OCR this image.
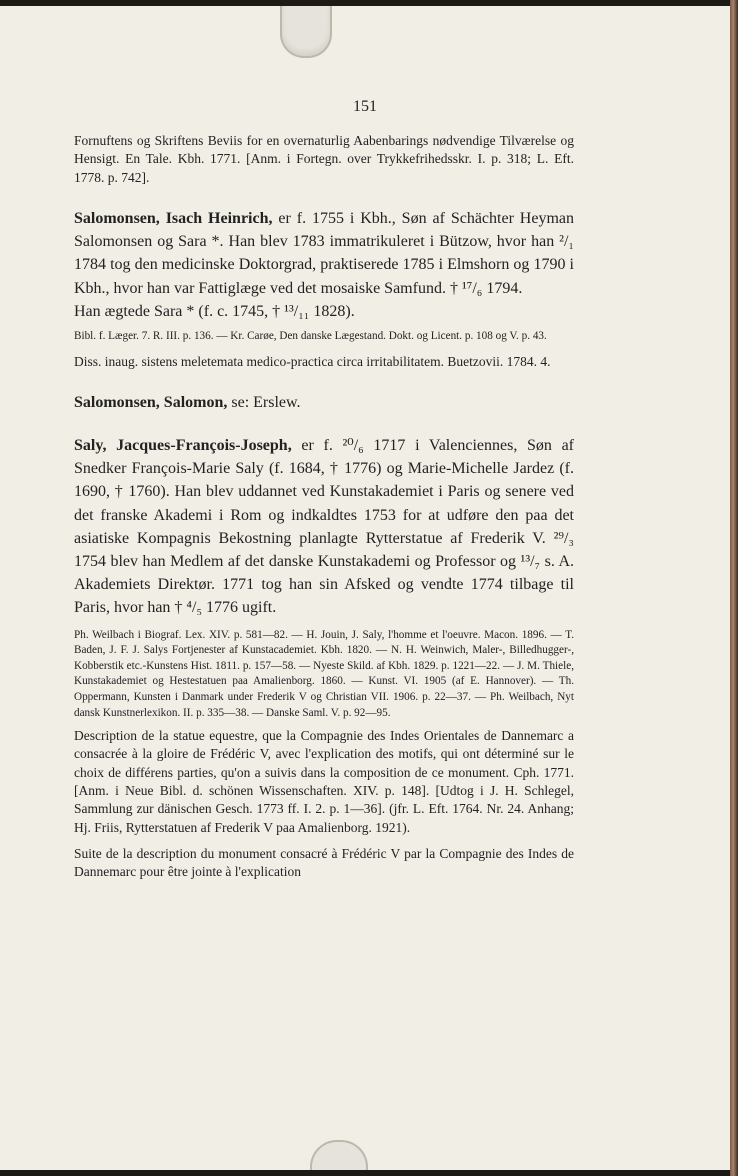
151

Fornuftens og Skriftens Beviis for en overnaturlig Aabenbarings nødvendige Tilværelse og Hensigt. En Tale. Kbh. 1771. [Anm. i Fortegn. over Trykkefrihedsskr. I. p. 318; L. Eft. 1778. p. 742].

Salomonsen, Isach Heinrich, er f. 1755 i Kbh., Søn af Schächter Heyman Salomonsen og Sara *. Han blev 1783 immatrikuleret i Bützow, hvor han ²/₁ 1784 tog den medicinske Doktorgrad, praktiserede 1785 i Elmshorn og 1790 i Kbh., hvor han var Fattiglæge ved det mosaiske Samfund. † ¹⁷/₆ 1794.

Han ægtede Sara * (f. c. 1745, † ¹³/₁₁ 1828).

Bibl. f. Læger. 7. R. III. p. 136. — Kr. Carøe, Den danske Lægestand. Dokt. og Licent. p. 108 og V. p. 43.

Diss. inaug. sistens meletemata medico-practica circa irritabilitatem. Buetzovii. 1784. 4.

Salomonsen, Salomon, se: Erslew.

Saly, Jacques-François-Joseph, er f. ²⁰/₆ 1717 i Valenciennes, Søn af Snedker François-Marie Saly (f. 1684, † 1776) og Marie-Michelle Jardez (f. 1690, † 1760). Han blev uddannet ved Kunstakademiet i Paris og senere ved det franske Akademi i Rom og indkaldtes 1753 for at udføre den paa det asiatiske Kompagnis Bekostning planlagte Rytterstatue af Frederik V. ²⁹/₃ 1754 blev han Medlem af det danske Kunstakademi og Professor og ¹³/₇ s. A. Akademiets Direktør. 1771 tog han sin Afsked og vendte 1774 tilbage til Paris, hvor han † ⁴/₅ 1776 ugift.

Ph. Weilbach i Biograf. Lex. XIV. p. 581—82. — H. Jouin, J. Saly, l'homme et l'oeuvre. Macon. 1896. — T. Baden, J. F. J. Salys Fortjenester af Kunstacademiet. Kbh. 1820. — N. H. Weinwich, Maler-, Billedhugger-, Kobberstik etc.-Kunstens Hist. 1811. p. 157—58. — Nyeste Skild. af Kbh. 1829. p. 1221—22. — J. M. Thiele, Kunstakademiet og Hestestatuen paa Amalienborg. 1860. — Kunst. VI. 1905 (af E. Hannover). — Th. Oppermann, Kunsten i Danmark under Frederik V og Christian VII. 1906. p. 22—37. — Ph. Weilbach, Nyt dansk Kunstnerlexikon. II. p. 335—38. — Danske Saml. V. p. 92—95.

Description de la statue equestre, que la Compagnie des Indes Orientales de Dannemarc a consacrée à la gloire de Frédéric V, avec l'explication des motifs, qui ont déterminé sur le choix de différens parties, qu'on a suivis dans la composition de ce monument. Cph. 1771. [Anm. i Neue Bibl. d. schönen Wissenschaften. XIV. p. 148]. [Udtog i J. H. Schlegel, Sammlung zur dänischen Gesch. 1773 ff. I. 2. p. 1—36]. (jfr. L. Eft. 1764. Nr. 24. Anhang; Hj. Friis, Rytterstatuen af Frederik V paa Amalienborg. 1921).

Suite de la description du monument consacré à Frédéric V par la Compagnie des Indes de Dannemarc pour être jointe à l'explication
